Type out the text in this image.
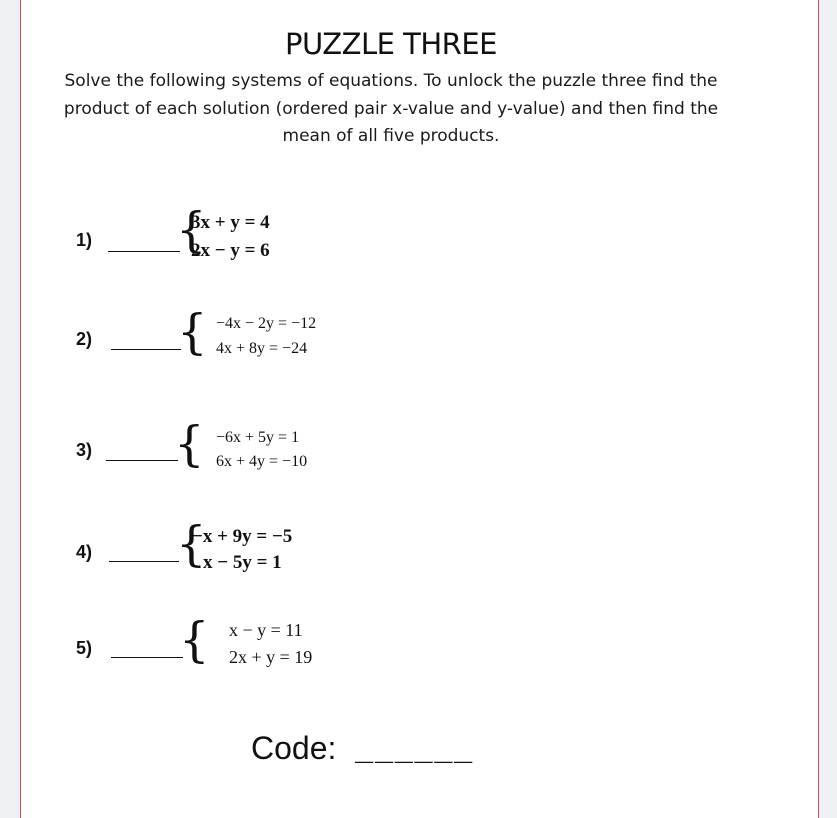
PUZZLE THREE
Solve the following systems of equations. To unlock the puzzle three find the product of each solution (ordered pair x-value and y-value) and then find the mean of all five products.
1) {
3x + y = 4
2x − y = 6
2) { −4x − 2y = −12
4x + 8y = −24
3) { −6x + 5y = 1
6x + 4y = −10
4) {
−x + 9y = −5
x − 5y = 1
5) { x − y = 11
2x + y = 19
Code: ______
